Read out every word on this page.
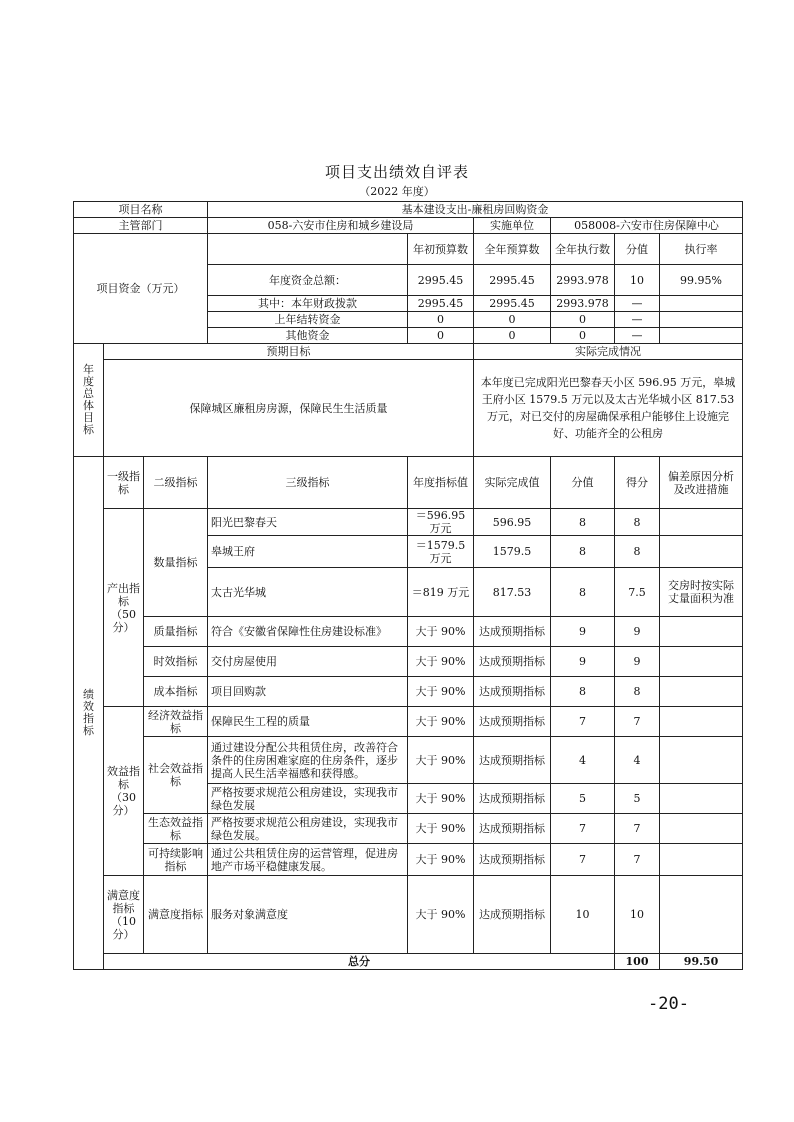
项目支出绩效自评表
（2022 年度）
项目名称			基本建设支出-廉租房回购资金						
主管部门			058-六安市住房和城乡建设局		实施单位	058008-六安市住房保障中心			
项目资金（万元）				年初预算数	全年预算数	全年执行数	分值	执行率	
			年度资金总额：	2995.45	2995.45	2993.978	10	99.95%	
			其中：本年财政拨款	2995.45	2995.45	2993.978	—		
			上年结转资金	0	0	0	—		
			其他资金	0	0	0	—		

年度总体目标	预期目标				实际完成情况				
	保障城区廉租房房源，保障民生生活质量				本年度已完成阳光巴黎春天小区 596.95 万元，皋城王府小区 1579.5 万元以及太古光华城小区 817.53 万元，对已交付的房屋确保承租户能够住上设施完好、功能齐全的公租房				

绩效指标	一级指标	二级指标	三级指标	年度指标值	实际完成值	分值	得分	偏差原因分析及改进措施	
	产出指标（50分）	数量指标	阳光巴黎春天	＝596.95万元	596.95	8	8		
			皋城王府	＝1579.5万元	1579.5	8	8		
			太古光华城	＝819 万元	817.53	8	7.5	交房时按实际丈量面积为准	
		质量指标	符合《安徽省保障性住房建设标准》	大于 90%	达成预期指标	9	9		
		时效指标	交付房屋使用	大于 90%	达成预期指标	9	9		
		成本指标	项目回购款	大于 90%	达成预期指标	8	8		
	效益指标（30分）	经济效益指标	保障民生工程的质量	大于 90%	达成预期指标	7	7		
		社会效益指标	通过建设分配公共租赁住房，改善符合条件的住房困难家庭的住房条件，逐步提高人民生活幸福感和获得感。	大于 90%	达成预期指标	4	4		
			严格按要求规范公租房建设，实现我市绿色发展	大于 90%	达成预期指标	5	5		
		生态效益指标	严格按要求规范公租房建设，实现我市绿色发展。	大于 90%	达成预期指标	7	7		
		可持续影响指标	通过公共租赁住房的运营管理，促进房地产市场平稳健康发展。	大于 90%	达成预期指标	7	7		
	满意度指标（10分）	满意度指标	服务对象满意度	大于 90%	达成预期指标	10	10		
	总分						100	99.50	
-20-
